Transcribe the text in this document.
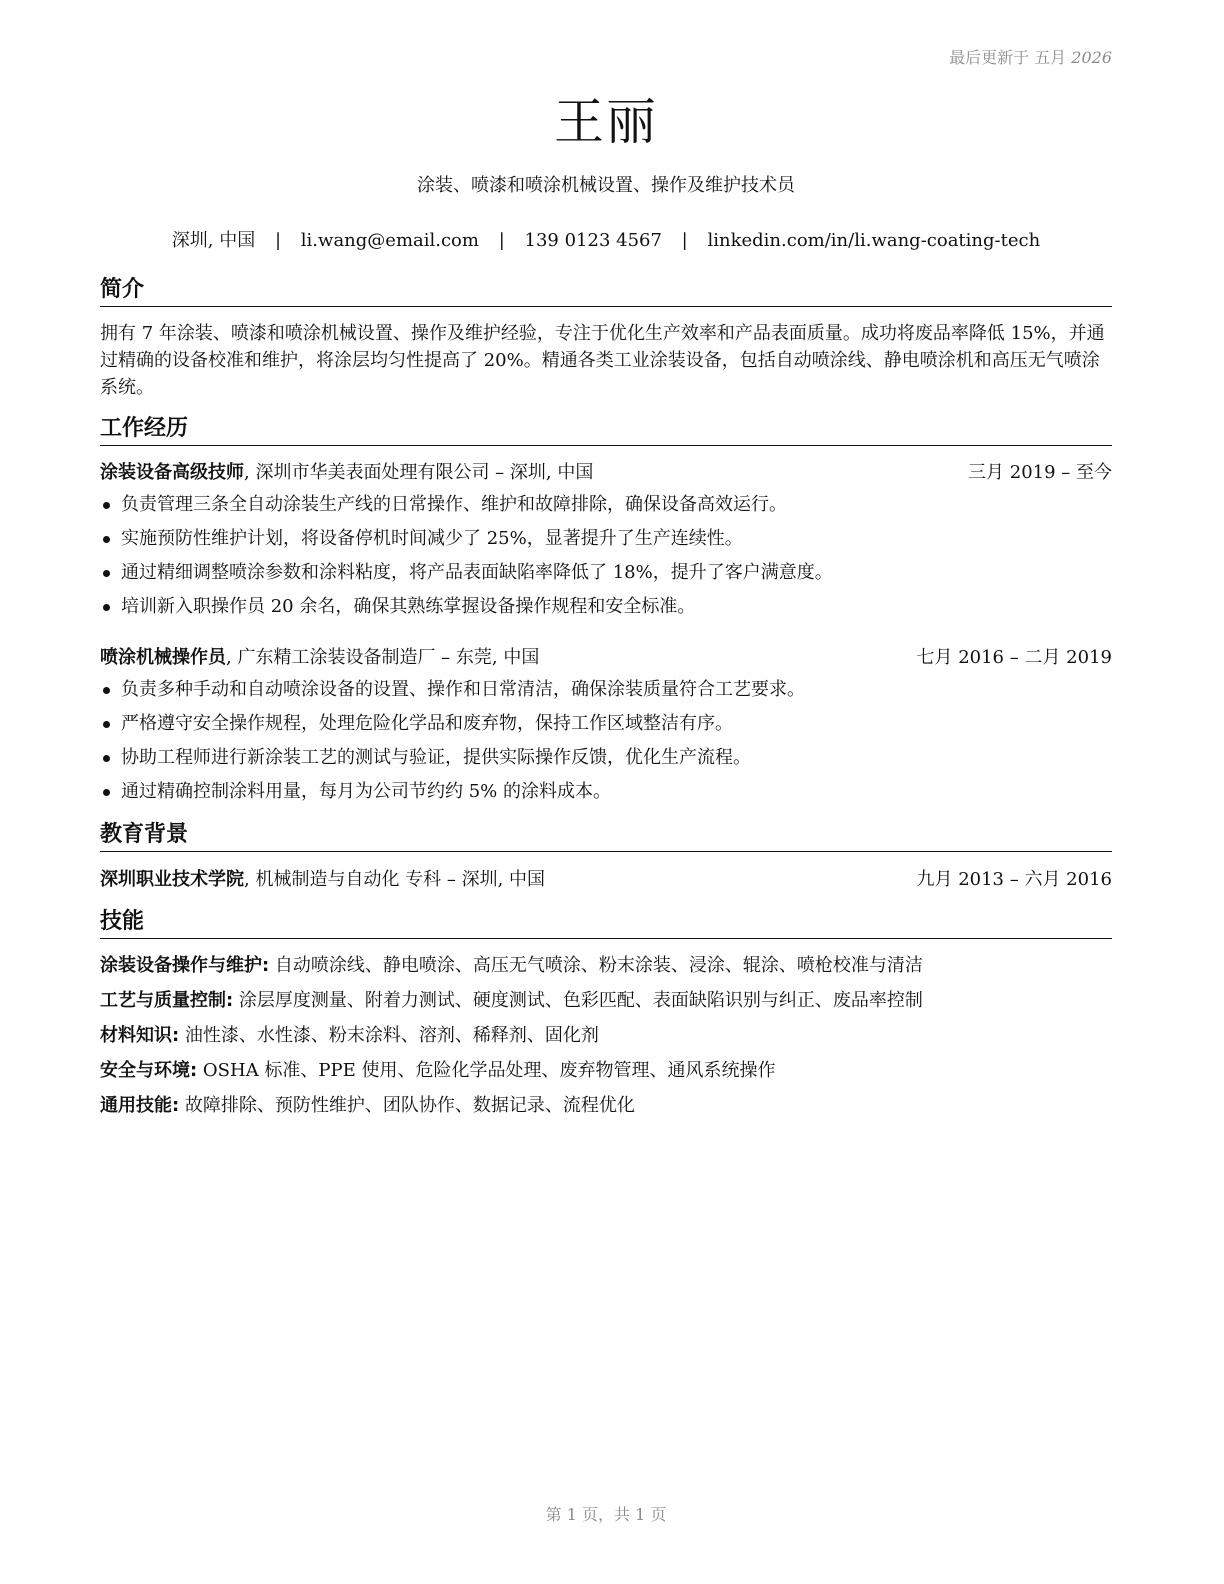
最后更新于 五月 2026
王丽
涂装、喷漆和喷涂机械设置、操作及维护技术员
深圳, 中国 | li.wang@email.com | 139 0123 4567 | linkedin.com/in/li.wang-coating-tech
简介
拥有 7 年涂装、喷漆和喷涂机械设置、操作及维护经验，专注于优化生产效率和产品表面质量。成功将废品率降低 15%，并通过精确的设备校准和维护，将涂层均匀性提高了 20%。精通各类工业涂装设备，包括自动喷涂线、静电喷涂机和高压无气喷涂系统。
工作经历
涂装设备高级技师, 深圳市华美表面处理有限公司 – 深圳, 中国	三月 2019 – 至今
负责管理三条全自动涂装生产线的日常操作、维护和故障排除，确保设备高效运行。
实施预防性维护计划，将设备停机时间减少了 25%，显著提升了生产连续性。
通过精细调整喷涂参数和涂料粘度，将产品表面缺陷率降低了 18%，提升了客户满意度。
培训新入职操作员 20 余名，确保其熟练掌握设备操作规程和安全标准。
喷涂机械操作员, 广东精工涂装设备制造厂 – 东莞, 中国	七月 2016 – 二月 2019
负责多种手动和自动喷涂设备的设置、操作和日常清洁，确保涂装质量符合工艺要求。
严格遵守安全操作规程，处理危险化学品和废弃物，保持工作区域整洁有序。
协助工程师进行新涂装工艺的测试与验证，提供实际操作反馈，优化生产流程。
通过精确控制涂料用量，每月为公司节约约 5% 的涂料成本。
教育背景
深圳职业技术学院, 机械制造与自动化 专科 – 深圳, 中国	九月 2013 – 六月 2016
技能
涂装设备操作与维护: 自动喷涂线、静电喷涂、高压无气喷涂、粉末涂装、浸涂、辊涂、喷枪校准与清洁
工艺与质量控制: 涂层厚度测量、附着力测试、硬度测试、色彩匹配、表面缺陷识别与纠正、废品率控制
材料知识: 油性漆、水性漆、粉末涂料、溶剂、稀释剂、固化剂
安全与环境: OSHA 标准、PPE 使用、危险化学品处理、废弃物管理、通风系统操作
通用技能: 故障排除、预防性维护、团队协作、数据记录、流程优化
第 1 页，共 1 页
